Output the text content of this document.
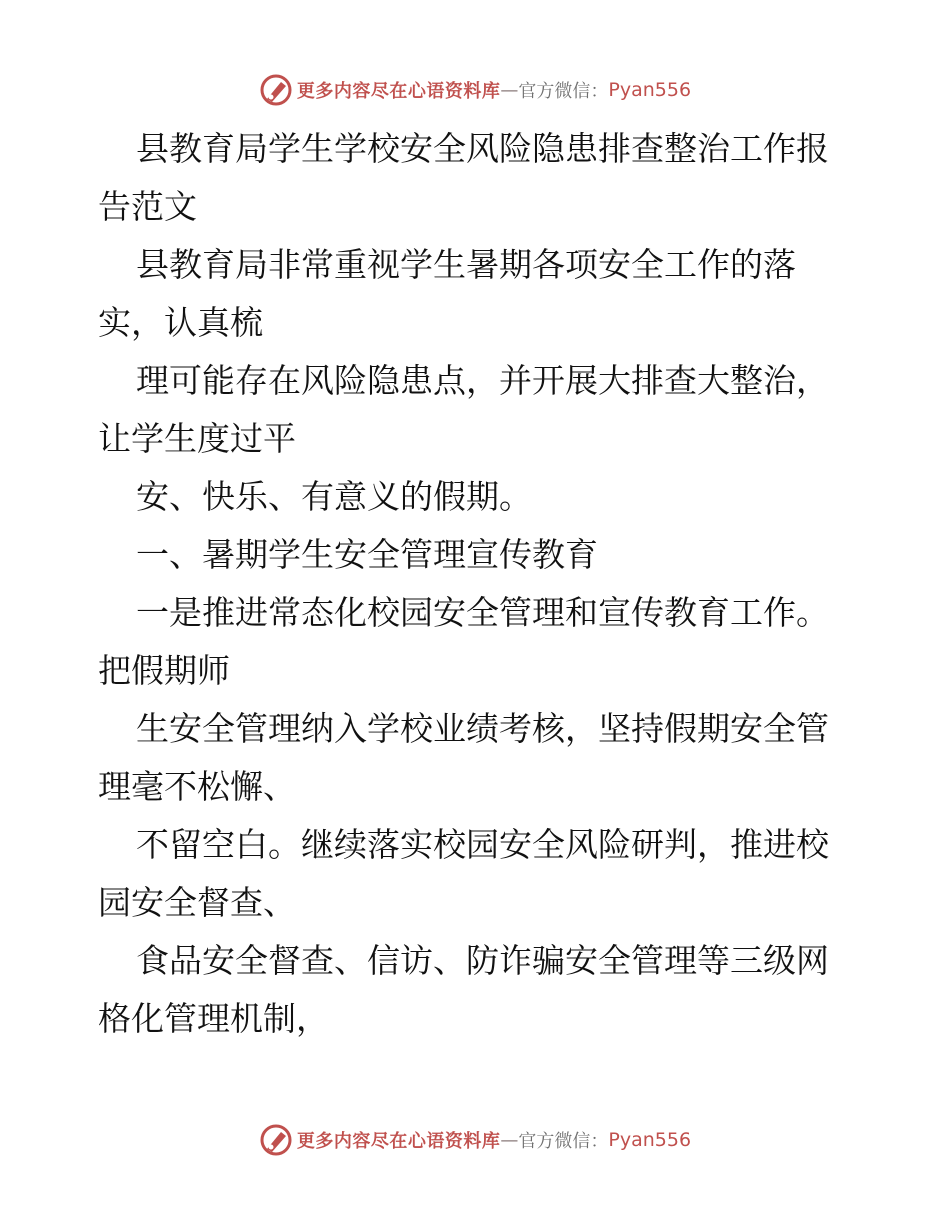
更多内容尽在心语资料库 — 官方微信： Pyan556
县教育局学生学校安全风险隐患排查整治工作报
告范文
县教育局非常重视学生暑期各项安全工作的落
实，认真梳
理可能存在风险隐患点，并开展大排查大整治，
让学生度过平
安、快乐、有意义的假期。
一、暑期学生安全管理宣传教育
一是推进常态化校园安全管理和宣传教育工作。
把假期师
生安全管理纳入学校业绩考核，坚持假期安全管
理毫不松懈、
不留空白。继续落实校园安全风险研判，推进校
园安全督查、
食品安全督查、信访、防诈骗安全管理等三级网
格化管理机制，
更多内容尽在心语资料库 — 官方微信： Pyan556
